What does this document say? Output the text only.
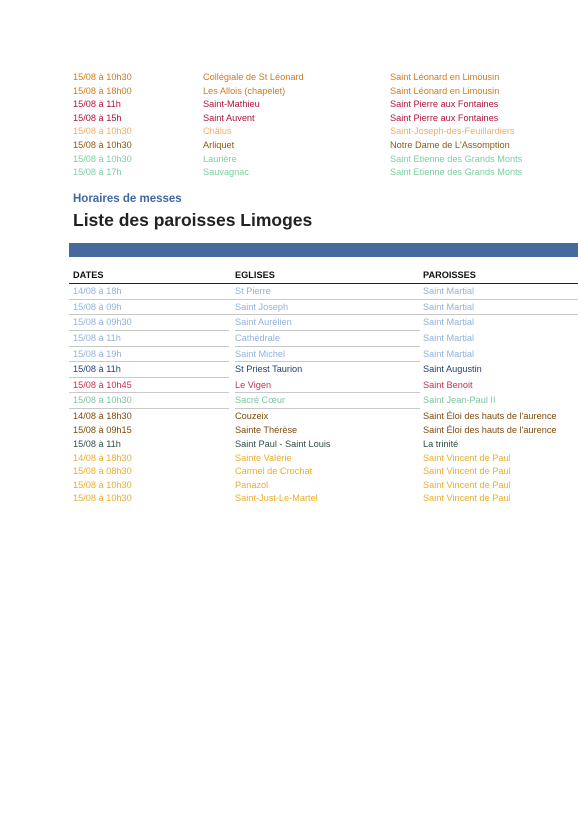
15/08 à 10h30	Collégiale de St Léonard	Saint Léonard en Limousin
15/08 à 18h00	Les Allois (chapelet)	Saint Léonard en Limousin
15/08 à 11h	Saint-Mathieu	Saint Pierre aux Fontaines
15/08 à 15h	Saint Auvent	Saint Pierre aux Fontaines
15/08 à 10h30	Châlus	Saint-Joseph-des-Feuillardiers
15/08 à 10h30	Arliquet	Notre Dame de L'Assomption
15/08 à 10h30	Laurière	Saint Etienne des Grands Monts
15/08 à 17h	Sauvagnac	Saint Etienne des Grands Monts
Horaires de messes
Liste des paroisses Limoges
DATES	EGLISES	PAROISSES
14/08 à 18h	St Pierre	Saint Martial
15/08 à 09h	Saint Joseph	Saint Martial
15/08 à 09h30	Saint Aurélien	Saint Martial
15/08 à 11h	Cathédrale	Saint Martial
15/08 à 19h	Saint Michel	Saint Martial
15/08 à 11h	St Priest Taurion	Saint Augustin
15/08 à 10h45	Le Vigen	Saint Benoit
15/08 à 10h30	Sacré Cœur	Saint Jean-Paul II
14/08 à 18h30	Couzeix	Saint Éloi des hauts de l'aurence
15/08 à 09h15	Sainte Thérèse	Saint Éloi des hauts de l'aurence
15/08 à 11h	Saint Paul - Saint Louis	La trinité
14/08 à 18h30	Sainte Valérie	Saint Vincent de Paul
15/08 à 08h30	Carmel de Crochat	Saint Vincent de Paul
15/08 à 10h30	Panazol	Saint Vincent de Paul
15/08 à 10h30	Saint-Just-Le-Martel	Saint Vincent de Paul
